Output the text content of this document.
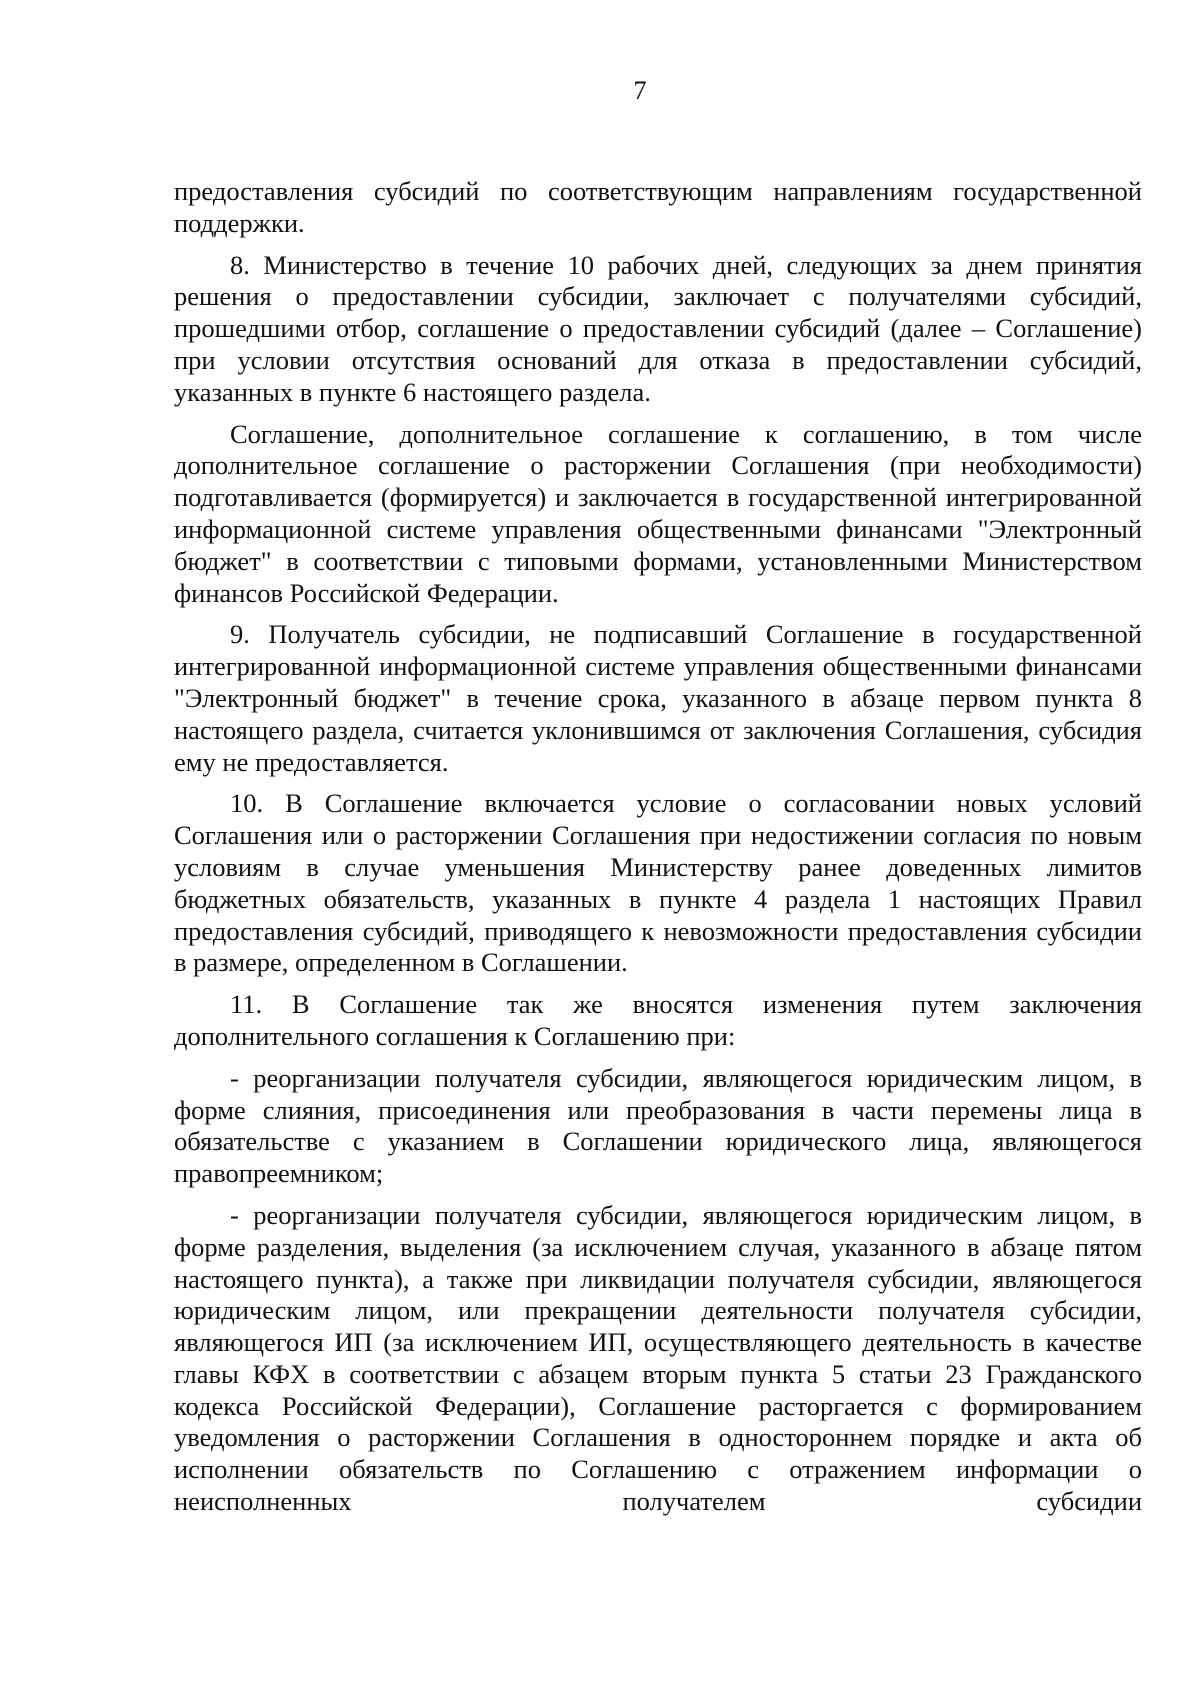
7

предоставления субсидий по соответствующим направлениям государственной поддержки.

8. Министерство в течение 10 рабочих дней, следующих за днем принятия решения о предоставлении субсидии, заключает с получателями субсидий, прошедшими отбор, соглашение о предоставлении субсидий (далее – Соглашение) при условии отсутствия оснований для отказа в предоставлении субсидий, указанных в пункте 6 настоящего раздела.

Соглашение, дополнительное соглашение к соглашению, в том числе дополнительное соглашение о расторжении Соглашения (при необходимости) подготавливается (формируется) и заключается в государственной интегрированной информационной системе управления общественными финансами "Электронный бюджет" в соответствии с типовыми формами, установленными Министерством финансов Российской Федерации.

9. Получатель субсидии, не подписавший Соглашение в государственной интегрированной информационной системе управления общественными финансами "Электронный бюджет" в течение срока, указанного в абзаце первом пункта 8 настоящего раздела, считается уклонившимся от заключения Соглашения, субсидия ему не предоставляется.

10. В Соглашение включается условие о согласовании новых условий Соглашения или о расторжении Соглашения при недостижении согласия по новым условиям в случае уменьшения Министерству ранее доведенных лимитов бюджетных обязательств, указанных в пункте 4 раздела 1 настоящих Правил предоставления субсидий, приводящего к невозможности предоставления субсидии в размере, определенном в Соглашении.

11. В Соглашение так же вносятся изменения путем заключения дополнительного соглашения к Соглашению при:

- реорганизации получателя субсидии, являющегося юридическим лицом, в форме слияния, присоединения или преобразования в части перемены лица в обязательстве с указанием в Соглашении юридического лица, являющегося правопреемником;

- реорганизации получателя субсидии, являющегося юридическим лицом, в форме разделения, выделения (за исключением случая, указанного в абзаце пятом настоящего пункта), а также при ликвидации получателя субсидии, являющегося юридическим лицом, или прекращении деятельности получателя субсидии, являющегося ИП (за исключением ИП, осуществляющего деятельность в качестве главы КФХ в соответствии с абзацем вторым пункта 5 статьи 23 Гражданского кодекса Российской Федерации), Соглашение расторгается с формированием уведомления о расторжении Соглашения в одностороннем порядке и акта об исполнении обязательств по Соглашению с отражением информации о неисполненных получателем субсидии
